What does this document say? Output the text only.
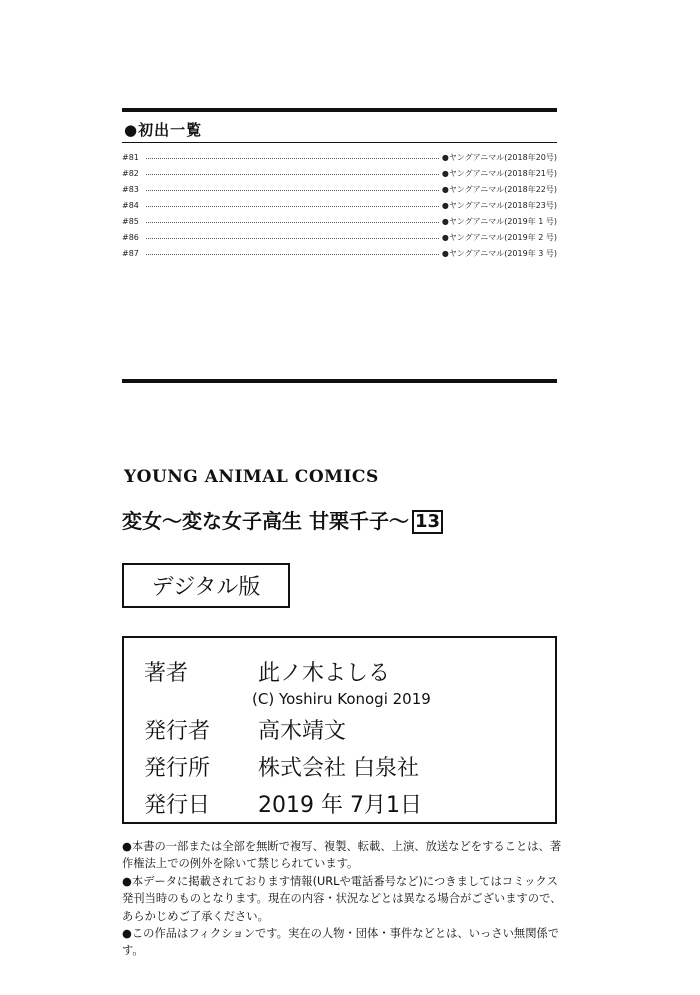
●初出一覧
#81	●ヤングアニマル(2018年20号)
#82	●ヤングアニマル(2018年21号)
#83	●ヤングアニマル(2018年22号)
#84	●ヤングアニマル(2018年23号)
#85	●ヤングアニマル(2019年 1 号)
#86	●ヤングアニマル(2019年 2 号)
#87	●ヤングアニマル(2019年 3 号)
YOUNG ANIMAL COMICS
変女〜変な女子高生 甘栗千子〜 13
デジタル版
著者	此ノ木よしる
(C) Yoshiru Konogi 2019
発行者 高木靖文
発行所 株式会社 白泉社
発行日 2019 年 7月1日

●本書の一部または全部を無断で複写、複製、転載、上演、放送などをすることは、著作権法上での例外を除いて禁じられています。

●本データに掲載されております情報(URLや電話番号など)につきましてはコミックス発刊当時のものとなります。現在の内容・状況などとは異なる場合がございますので、あらかじめご了承ください。

●この作品はフィクションです。実在の人物・団体・事件などとは、いっさい無関係です。
